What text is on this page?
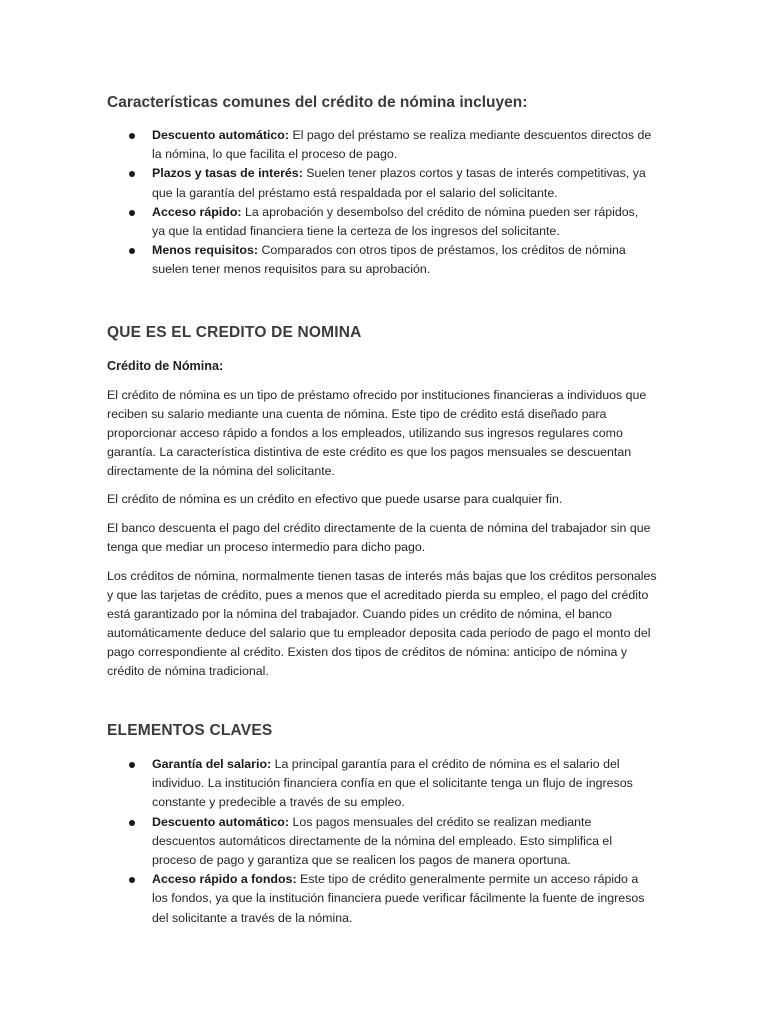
Características comunes del crédito de nómina incluyen:
Descuento automático: El pago del préstamo se realiza mediante descuentos directos de la nómina, lo que facilita el proceso de pago.
Plazos y tasas de interés: Suelen tener plazos cortos y tasas de interés competitivas, ya que la garantía del préstamo está respaldada por el salario del solicitante.
Acceso rápido: La aprobación y desembolso del crédito de nómina pueden ser rápidos, ya que la entidad financiera tiene la certeza de los ingresos del solicitante.
Menos requisitos: Comparados con otros tipos de préstamos, los créditos de nómina suelen tener menos requisitos para su aprobación.
QUE ES EL CREDITO DE NOMINA
Crédito de Nómina:

El crédito de nómina es un tipo de préstamo ofrecido por instituciones financieras a individuos que reciben su salario mediante una cuenta de nómina. Este tipo de crédito está diseñado para proporcionar acceso rápido a fondos a los empleados, utilizando sus ingresos regulares como garantía. La característica distintiva de este crédito es que los pagos mensuales se descuentan directamente de la nómina del solicitante.

El crédito de nómina es un crédito en efectivo que puede usarse para cualquier fin.

El banco descuenta el pago del crédito directamente de la cuenta de nómina del trabajador sin que tenga que mediar un proceso intermedio para dicho pago.

Los créditos de nómina, normalmente tienen tasas de interés más bajas que los créditos personales y que las tarjetas de crédito, pues a menos que el acreditado pierda su empleo, el pago del crédito está garantizado por la nómina del trabajador. Cuando pides un crédito de nómina, el banco automáticamente deduce del salario que tu empleador deposita cada periodo de pago el monto del pago correspondiente al crédito. Existen dos tipos de créditos de nómina: anticipo de nómina y crédito de nómina tradicional.

ELEMENTOS CLAVES
Garantía del salario: La principal garantía para el crédito de nómina es el salario del individuo. La institución financiera confía en que el solicitante tenga un flujo de ingresos constante y predecible a través de su empleo.
Descuento automático: Los pagos mensuales del crédito se realizan mediante descuentos automáticos directamente de la nómina del empleado. Esto simplifica el proceso de pago y garantiza que se realicen los pagos de manera oportuna.
Acceso rápido a fondos: Este tipo de crédito generalmente permite un acceso rápido a los fondos, ya que la institución financiera puede verificar fácilmente la fuente de ingresos del solicitante a través de la nómina.
